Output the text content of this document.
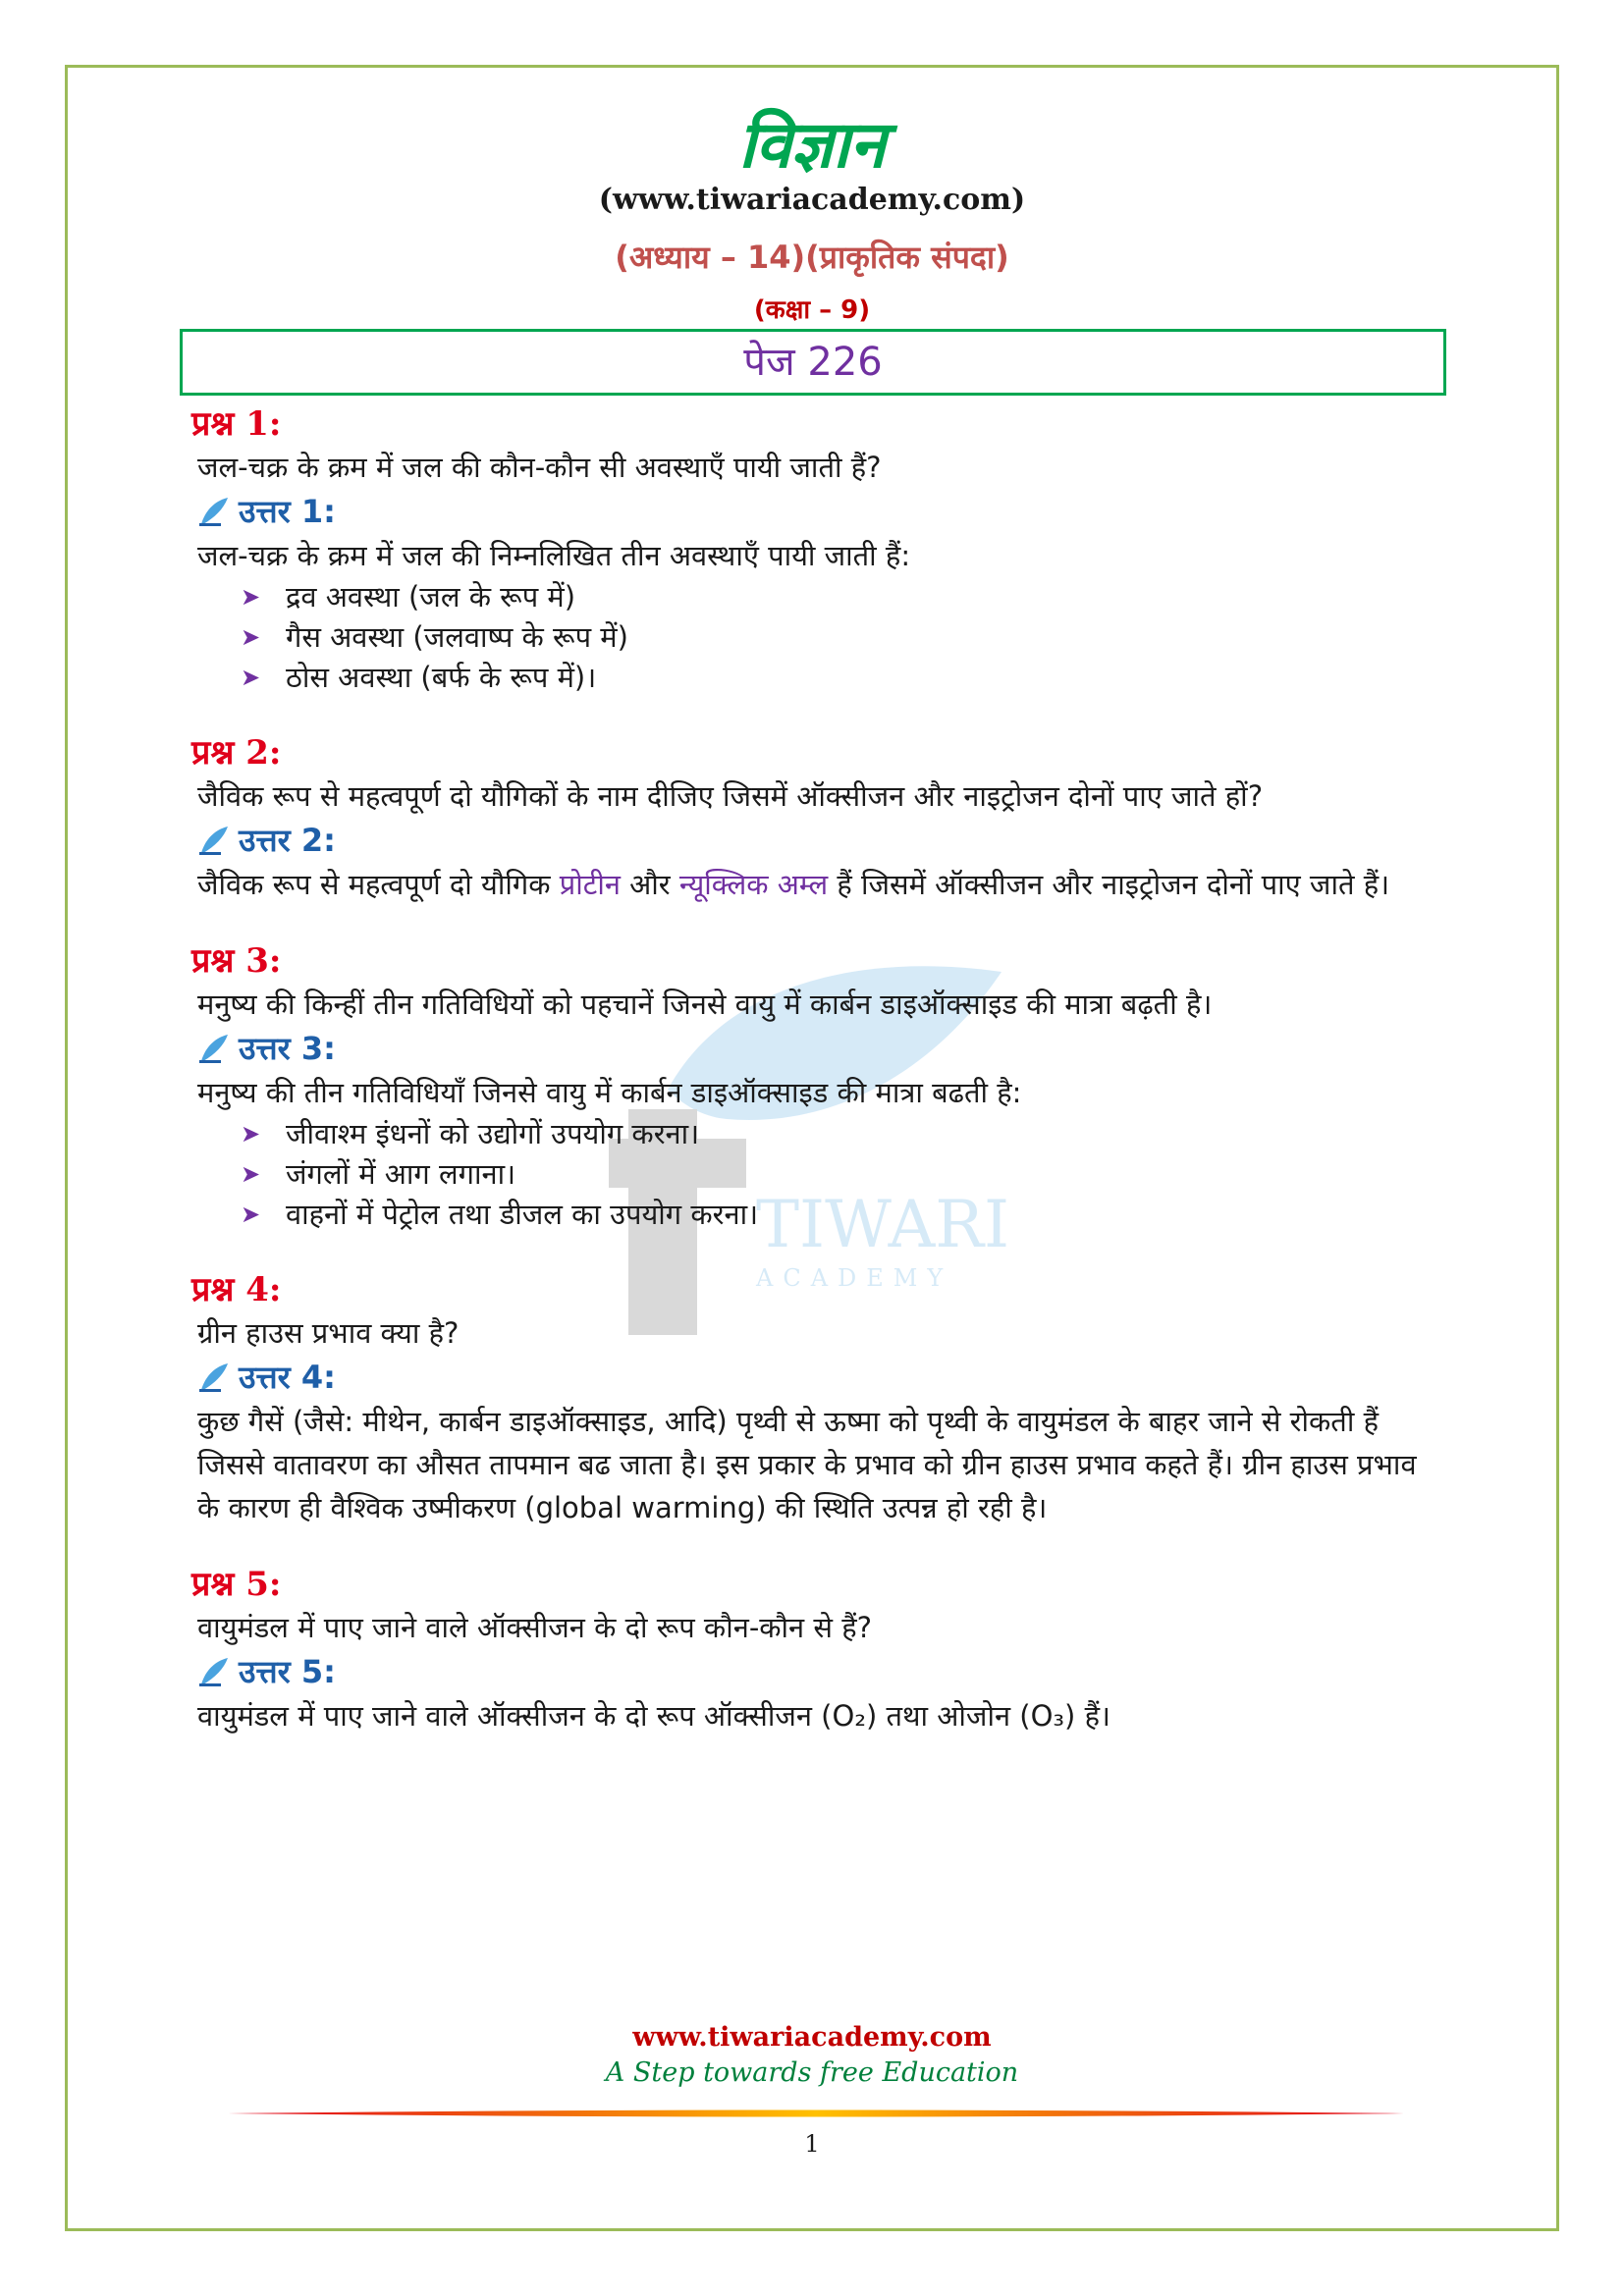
TIWARI
ACADEMY
विज्ञान
(www.tiwariacademy.com)
(अध्याय – 14)(प्राकृतिक संपदा)
(कक्षा – 9)
पेज 226
प्रश्न 1:
जल-चक्र के क्रम में जल की कौन-कौन सी अवस्थाएँ पायी जाती हैं?
उत्तर 1:
जल-चक्र के क्रम में जल की निम्नलिखित तीन अवस्थाएँ पायी जाती हैं:
➤ द्रव अवस्था (जल के रूप में)
➤ गैस अवस्था (जलवाष्प के रूप में)
➤ ठोस अवस्था (बर्फ के रूप में)।
प्रश्न 2:
जैविक रूप से महत्वपूर्ण दो यौगिकों के नाम दीजिए जिसमें ऑक्सीजन और नाइट्रोजन दोनों पाए जाते हों?
उत्तर 2:
जैविक रूप से महत्वपूर्ण दो यौगिक प्रोटीन और न्यूक्लिक अम्ल हैं जिसमें ऑक्सीजन और नाइट्रोजन दोनों पाए जाते हैं।
प्रश्न 3:
मनुष्य की किन्हीं तीन गतिविधियों को पहचानें जिनसे वायु में कार्बन डाइऑक्साइड की मात्रा बढ़ती है।
उत्तर 3:
मनुष्य की तीन गतिविधियाँ जिनसे वायु में कार्बन डाइऑक्साइड की मात्रा बढती है:
➤ जीवाश्म इंधनों को उद्योगों उपयोग करना।
➤ जंगलों में आग लगाना।
➤ वाहनों में पेट्रोल तथा डीजल का उपयोग करना।
प्रश्न 4:
ग्रीन हाउस प्रभाव क्या है?
उत्तर 4:
कुछ गैसें (जैसे: मीथेन, कार्बन डाइऑक्साइड, आदि) पृथ्वी से ऊष्मा को पृथ्वी के वायुमंडल के बाहर जाने से रोकती हैं जिससे वातावरण का औसत तापमान बढ जाता है। इस प्रकार के प्रभाव को ग्रीन हाउस प्रभाव कहते हैं। ग्रीन हाउस प्रभाव के कारण ही वैश्विक उष्मीकरण (global warming) की स्थिति उत्पन्न हो रही है।
प्रश्न 5:
वायुमंडल में पाए जाने वाले ऑक्सीजन के दो रूप कौन-कौन से हैं?
उत्तर 5:
वायुमंडल में पाए जाने वाले ऑक्सीजन के दो रूप ऑक्सीजन (O₂) तथा ओजोन (O₃) हैं।
www.tiwariacademy.com
A Step towards free Education
1
